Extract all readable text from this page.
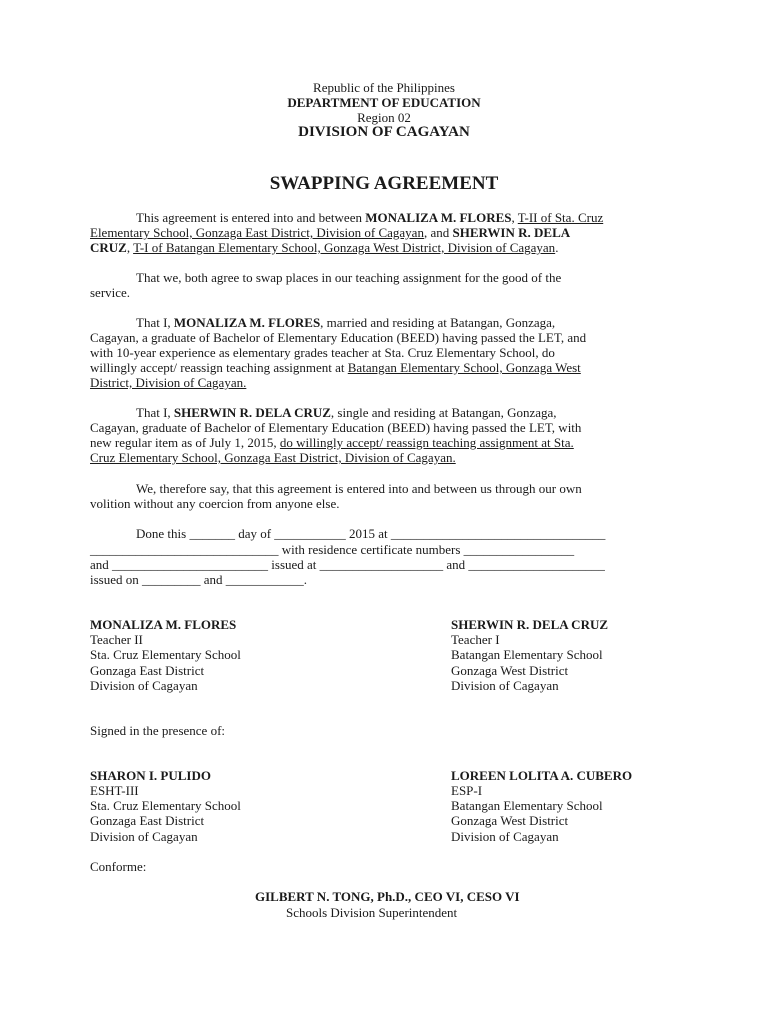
Republic of the Philippines
DEPARTMENT OF EDUCATION
Region 02
DIVISION OF CAGAYAN
SWAPPING AGREEMENT
This agreement is entered into and between MONALIZA M. FLORES, T-II of Sta. Cruz
Elementary School, Gonzaga East District, Division of Cagayan, and SHERWIN R. DELA
CRUZ, T-I of Batangan Elementary School, Gonzaga West District, Division of Cagayan.
That we, both agree to swap places in our teaching assignment for the good of the
service.
That I, MONALIZA M. FLORES, married and residing at Batangan, Gonzaga,
Cagayan, a graduate of Bachelor of Elementary Education (BEED) having passed the LET, and
with 10-year experience as elementary grades teacher at Sta. Cruz Elementary School, do
willingly accept/ reassign teaching assignment at Batangan Elementary School, Gonzaga West
District, Division of Cagayan.
That I, SHERWIN R. DELA CRUZ, single and residing at Batangan, Gonzaga,
Cagayan, graduate of Bachelor of Elementary Education (BEED) having passed the LET, with
new regular item as of July 1, 2015, do willingly accept/ reassign teaching assignment at Sta.
Cruz Elementary School, Gonzaga East District, Division of Cagayan.
We, therefore say, that this agreement is entered into and between us through our own
volition without any coercion from anyone else.
Done this _______ day of ___________ 2015 at _________________________________
_____________________________ with residence certificate numbers _________________
and ________________________ issued at ___________________ and _____________________
issued on _________ and ____________.
MONALIZA M. FLORES
Teacher II
Sta. Cruz Elementary School
Gonzaga East District
Division of Cagayan
SHERWIN R. DELA CRUZ
Teacher I
Batangan Elementary School
Gonzaga West District
Division of Cagayan
Signed in the presence of:
SHARON I. PULIDO
ESHT-III
Sta. Cruz Elementary School
Gonzaga East District
Division of Cagayan
LOREEN LOLITA A. CUBERO
ESP-I
Batangan Elementary School
Gonzaga West District
Division of Cagayan
Conforme:
GILBERT N. TONG, Ph.D., CEO VI, CESO VI
Schools Division Superintendent
